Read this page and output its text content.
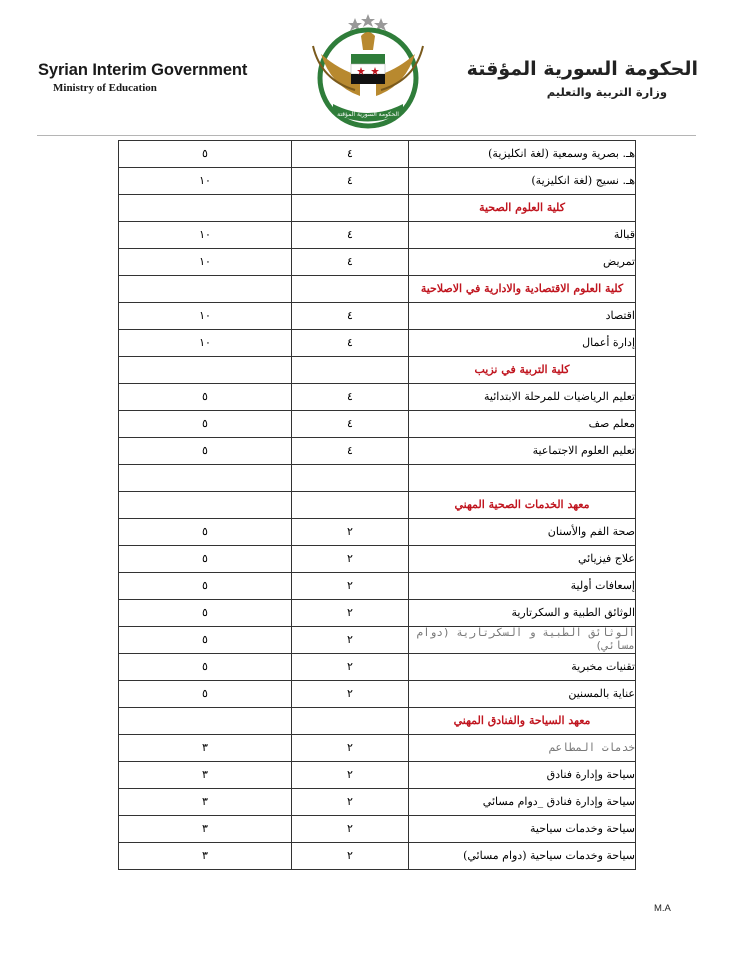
Syrian Interim Government
Ministry of Education
الحكومة السورية المؤقتة
الحكومة السورية المؤقتة
وزارة التربية والتعليم
٥	٤	هـ. بصرية وسمعية (لغة انكليزية)
١٠	٤	هـ. نسيج (لغة انكليزية)
		كلية العلوم الصحية
١٠	٤	قبالة
١٠	٤	تمريض
		كلية العلوم الاقتصادية والادارية في الاصلاحية
١٠	٤	اقتصاد
١٠	٤	إدارة أعمال
		كلية التربية في نزيب
٥	٤	تعليم الرياضيات للمرحلة الابتدائية
٥	٤	معلم صف
٥	٤	تعليم العلوم الاجتماعية

		معهد الخدمات الصحية المهني
٥	٢	صحة الفم والأسنان
٥	٢	علاج فيزيائي
٥	٢	إسعافات أولية
٥	٢	الوثائق الطبية و السكرتارية
٥	٢	الوثائق الطبية و السكرتارية (دوام مسائي)
٥	٢	تقنيات مخبرية
٥	٢	عناية بالمسنين
		معهد السياحة والفنادق المهني
٣	٢	خدمات المطاعم
٣	٢	سياحة وإدارة فنادق
٣	٢	سياحة وإدارة فنادق _دوام مسائي
٣	٢	سياحة وخدمات سياحية
٣	٢	سياحة وخدمات سياحية (دوام مسائي)
M.A
